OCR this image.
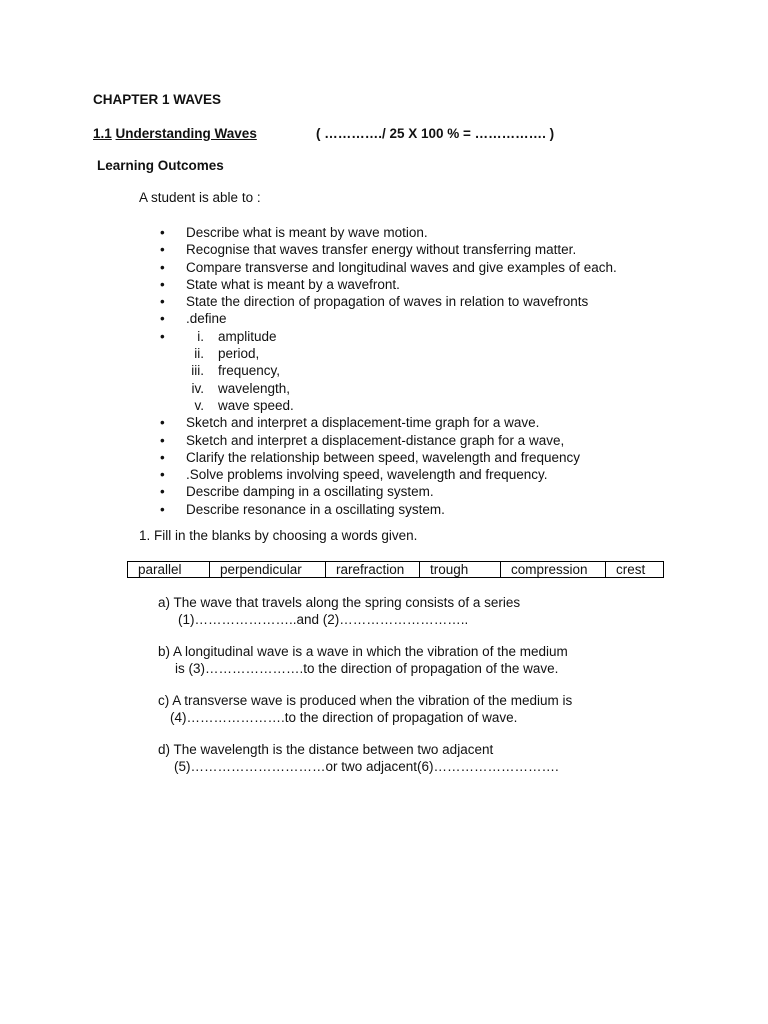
CHAPTER 1 WAVES
1.1 Understanding Waves	( …………./ 25 X 100 % = ……………. )
Learning Outcomes
A student is able to :
• Describe what is meant by wave motion.
• Recognise that waves transfer energy without transferring matter.
• Compare transverse and longitudinal waves and give examples of each.
• State what is meant by a wavefront.
• State the direction of propagation of waves in relation to wavefronts
• .define
• i. amplitude
ii. period,
iii. frequency,
iv. wavelength,
v. wave speed.
• Sketch and interpret a displacement-time graph for a wave.
• Sketch and interpret a displacement-distance graph for a wave,
• Clarify the relationship between speed, wavelength and frequency
• .Solve problems involving speed, wavelength and frequency.
• Describe damping in a oscillating system.
• Describe resonance in a oscillating system.
1. Fill in the blanks by choosing a words given.
parallel	perpendicular	rarefraction	trough	compression	crest
a) The wave that travels along the spring consists of a series
(1)…………………..and (2)………………………..
b) A longitudinal wave is a wave in which the vibration of the medium
is (3)………………….to the direction of propagation of the wave.
c) A transverse wave is produced when the vibration of the medium is
(4)………………….to the direction of propagation of wave.
d) The wavelength is the distance between two adjacent
(5)…………………………or two adjacent(6)……………………….
